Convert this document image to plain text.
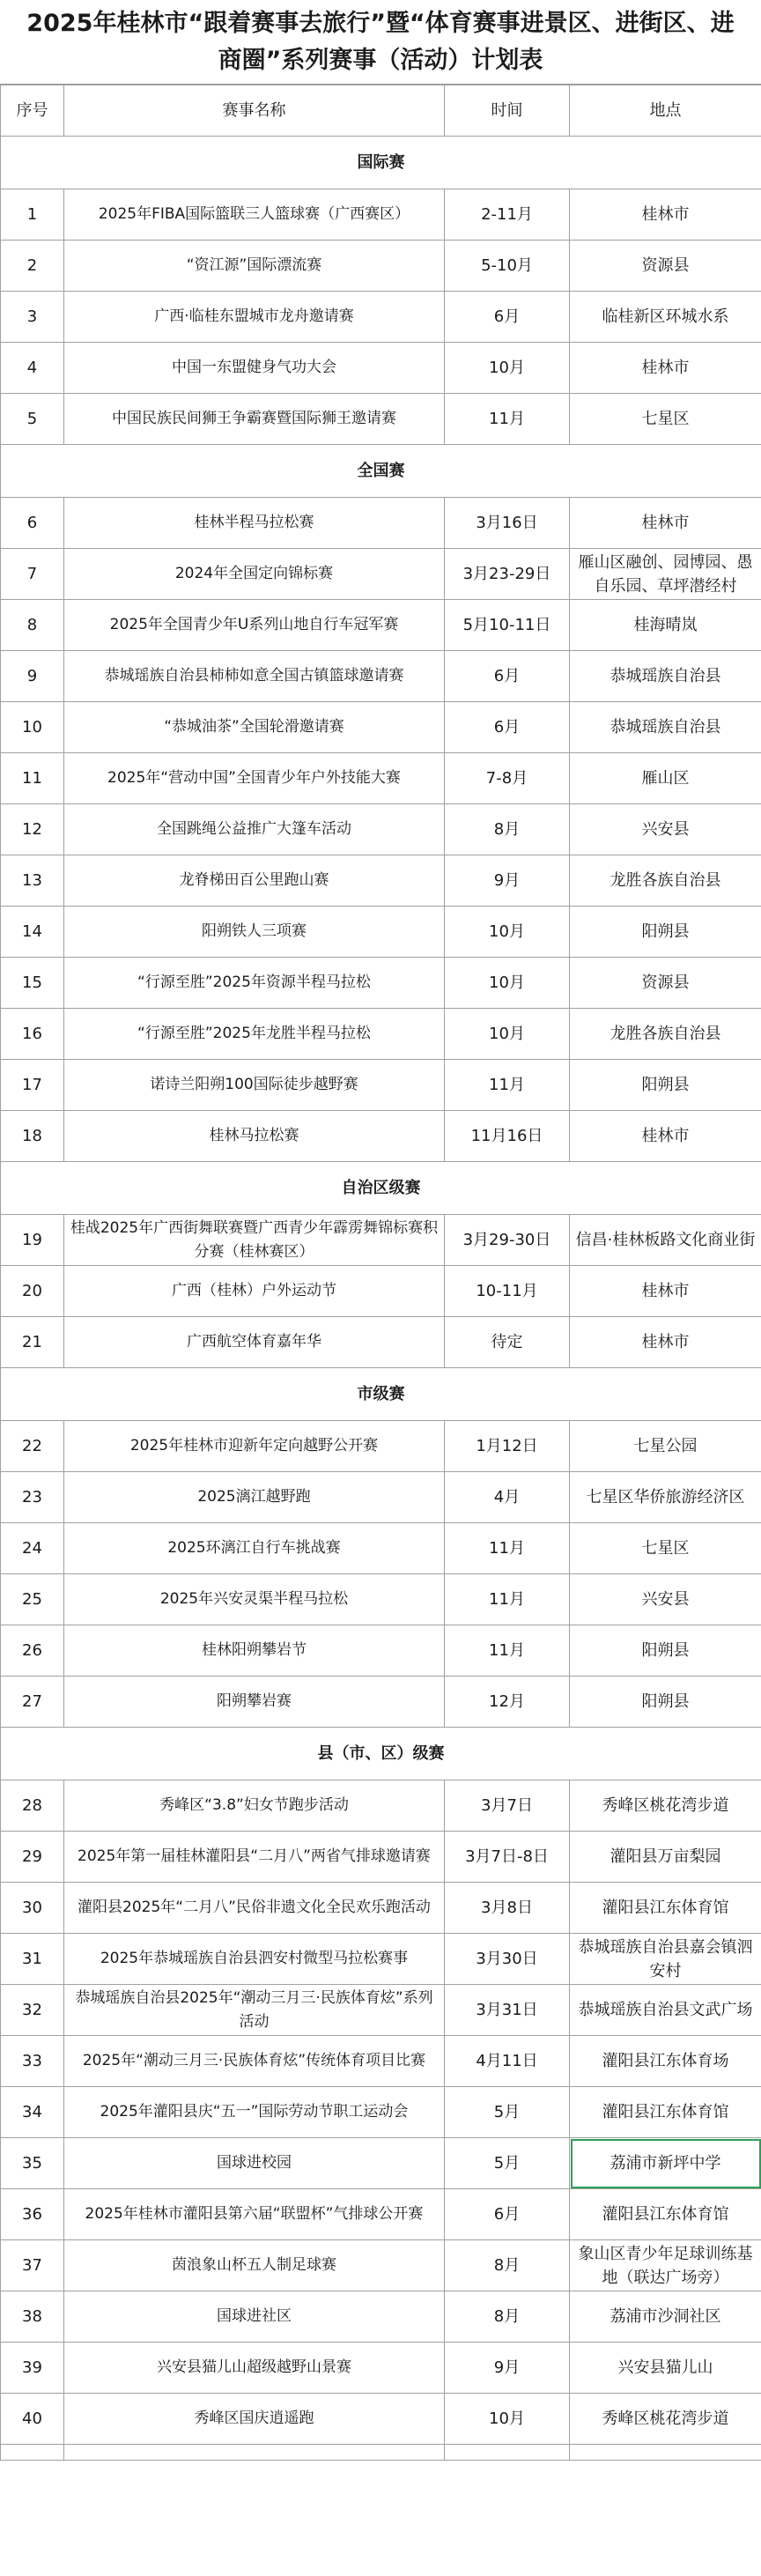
2025年桂林市“跟着赛事去旅行”暨“体育赛事进景区、进街区、进商圈”系列赛事（活动）计划表
序号	赛事名称	时间	地点
国际赛			
1	2025年FIBA国际篮联三人篮球赛（广西赛区）	2-11月	桂林市
2	“资江源”国际漂流赛	5-10月	资源县
3	广西·临桂东盟城市龙舟邀请赛	6月	临桂新区环城水系
4	中国一东盟健身气功大会	10月	桂林市
5	中国民族民间狮王争霸赛暨国际狮王邀请赛	11月	七星区
全国赛			
6	桂林半程马拉松赛	3月16日	桂林市
7	2024年全国定向锦标赛	3月23-29日	雁山区融创、园博园、愚自乐园、草坪潜经村
8	2025年全国青少年U系列山地自行车冠军赛	5月10-11日	桂海晴岚
9	恭城瑶族自治县柿柿如意全国古镇篮球邀请赛	6月	恭城瑶族自治县
10	“恭城油茶”全国轮滑邀请赛	6月	恭城瑶族自治县
11	2025年“营动中国”全国青少年户外技能大赛	7-8月	雁山区
12	全国跳绳公益推广大篷车活动	8月	兴安县
13	龙脊梯田百公里跑山赛	9月	龙胜各族自治县
14	阳朔铁人三项赛	10月	阳朔县
15	“行源至胜”2025年资源半程马拉松	10月	资源县
16	“行源至胜”2025年龙胜半程马拉松	10月	龙胜各族自治县
17	诺诗兰阳朔100国际徒步越野赛	11月	阳朔县
18	桂林马拉松赛	11月16日	桂林市
自治区级赛			
19	桂战2025年广西街舞联赛暨广西青少年霹雳舞锦标赛积分赛（桂林赛区）	3月29-30日	信昌·桂林板路文化商业街
20	广西（桂林）户外运动节	10-11月	桂林市
21	广西航空体育嘉年华	待定	桂林市
市级赛			
22	2025年桂林市迎新年定向越野公开赛	1月12日	七星公园
23	2025漓江越野跑	4月	七星区华侨旅游经济区
24	2025环漓江自行车挑战赛	11月	七星区
25	2025年兴安灵渠半程马拉松	11月	兴安县
26	桂林阳朔攀岩节	11月	阳朔县
27	阳朔攀岩赛	12月	阳朔县
县（市、区）级赛			
28	秀峰区“3.8”妇女节跑步活动	3月7日	秀峰区桃花湾步道
29	2025年第一届桂林灌阳县“二月八”两省气排球邀请赛	3月7日-8日	灌阳县万亩梨园
30	灌阳县2025年“二月八”民俗非遗文化全民欢乐跑活动	3月8日	灌阳县江东体育馆
31	2025年恭城瑶族自治县泗安村微型马拉松赛事	3月30日	恭城瑶族自治县嘉会镇泗安村
32	恭城瑶族自治县2025年“潮动三月三·民族体育炫”系列活动	3月31日	恭城瑶族自治县文武广场
33	2025年“潮动三月三·民族体育炫”传统体育项目比赛	4月11日	灌阳县江东体育场
34	2025年灌阳县庆“五一”国际劳动节职工运动会	5月	灌阳县江东体育馆
35	国球进校园	5月	荔浦市新坪中学
36	2025年桂林市灌阳县第六届“联盟杯”气排球公开赛	6月	灌阳县江东体育馆
37	茵浪象山杯五人制足球赛	8月	象山区青少年足球训练基地（联达广场旁）
38	国球进社区	8月	荔浦市沙洞社区
39	兴安县猫儿山超级越野山景赛	9月	兴安县猫儿山
40	秀峰区国庆逍遥跑	10月	秀峰区桃花湾步道
